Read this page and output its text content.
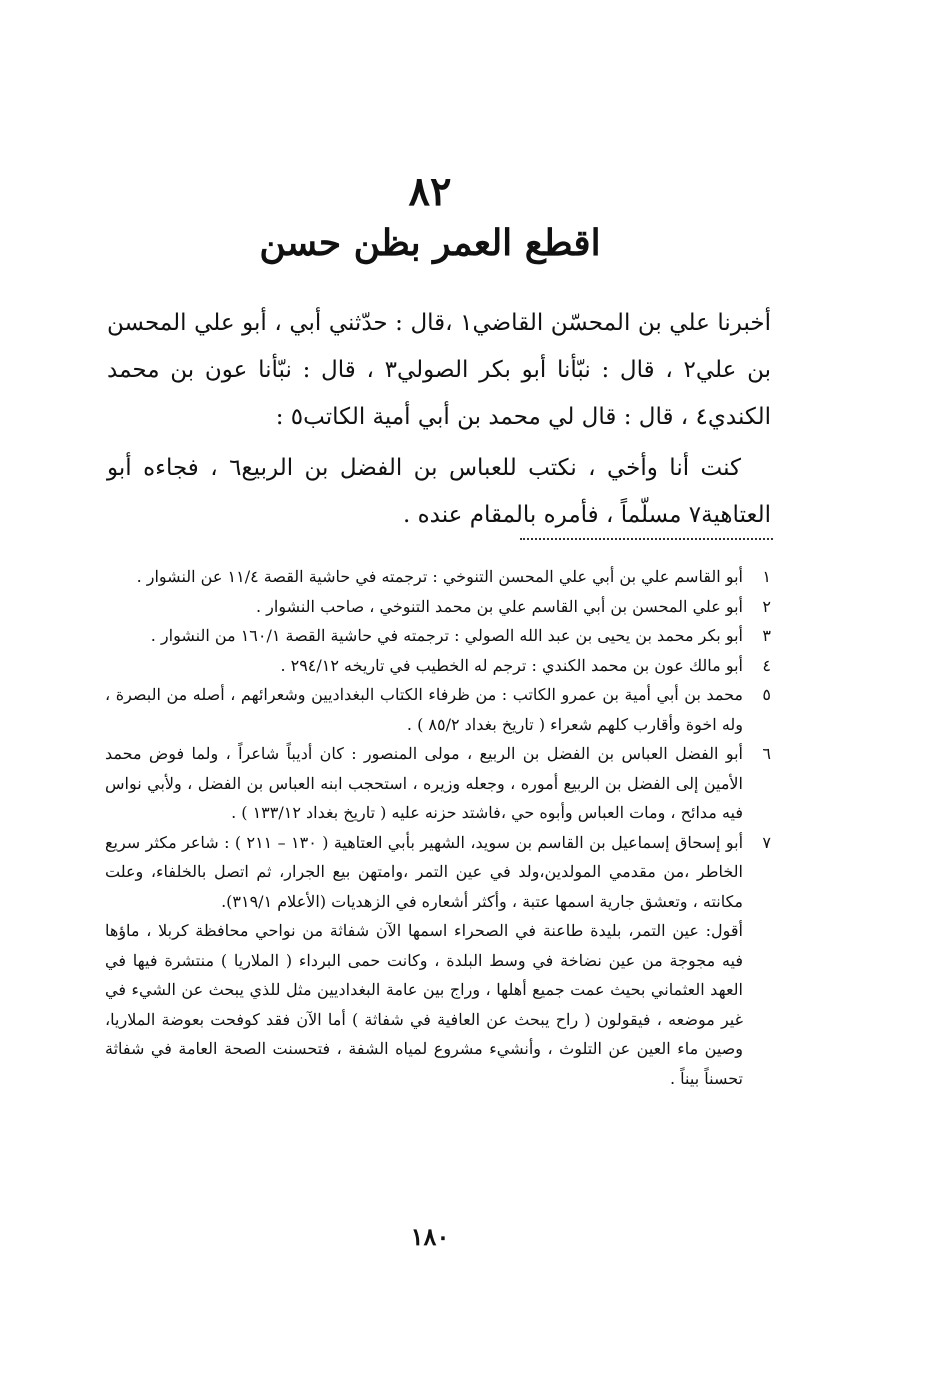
٨٢
اقطع العمر بظن حسن

أخبرنا علي بن المحسّن القاضي١ ،قال : حدّثني أبي ، أبو علي المحسن بن علي٢ ، قال : نبّأنا أبو بكر الصولي٣ ، قال : نبّأنا عون بن محمد الكندي٤ ، قال : قال لي محمد بن أبي أمية الكاتب٥ :

كنت أنا وأخي ، نكتب للعباس بن الفضل بن الربيع٦ ، فجاءه أبو العتاهية٧ مسلّماً ، فأمره بالمقام عنده .

١
أبو القاسم علي بن أبي علي المحسن التنوخي : ترجمته في حاشية القصة ١١/٤ عن النشوار .
٢
أبو علي المحسن بن أبي القاسم علي بن محمد التنوخي ، صاحب النشوار .
٣
أبو بكر محمد بن يحيى بن عبد الله الصولي : ترجمته في حاشية القصة ١٦٠/١ من النشوار .
٤
أبو مالك عون بن محمد الكندي : ترجم له الخطيب في تاريخه ٢٩٤/١٢ .
٥
محمد بن أبي أمية بن عمرو الكاتب : من ظرفاء الكتاب البغداديين وشعرائهم ، أصله من البصرة ، وله اخوة وأقارب كلهم شعراء ( تاريخ بغداد ٨٥/٢ ) .
٦
أبو الفضل العباس بن الفضل بن الربيع ، مولى المنصور : كان أديباً شاعراً ، ولما فوض محمد الأمين إلى الفضل بن الربيع أموره ، وجعله وزيره ، استحجب ابنه العباس بن الفضل ، ولأبي نواس فيه مدائح ، ومات العباس وأبوه حي ،فاشتد حزنه عليه ( تاريخ بغداد ١٣٣/١٢ ) .
٧
أبو إسحاق إسماعيل بن القاسم بن سويد، الشهير بأبي العتاهية ( ١٣٠ – ٢١١ ) : شاعر مكثر سريع الخاطر ،من مقدمي المولدين،ولد في عين التمر ،وامتهن بيع الجرار، ثم اتصل بالخلفاء، وعلت مكانته ، وتعشق جارية اسمها عتبة ، وأكثر أشعاره في الزهديات (الأعلام ٣١٩/١).
أقول: عين التمر، بليدة طاعنة في الصحراء اسمها الآن شفاثة من نواحي محافظة كربلا ، ماؤها فيه مجوجة من عين نضاخة في وسط البلدة ، وكانت حمى البرداء ( الملاريا ) منتشرة فيها في العهد العثماني بحيث عمت جميع أهلها ، وراج بين عامة البغداديين مثل للذي يبحث عن الشيء في غير موضعه ، فيقولون ( راح يبحث عن العافية في شفاثة ) أما الآن فقد كوفحت بعوضة الملاريا، وصين ماء العين عن التلوث ، وأنشيء مشروع لمياه الشفة ، فتحسنت الصحة العامة في شفاثة تحسناً بيناً .
١٨٠
